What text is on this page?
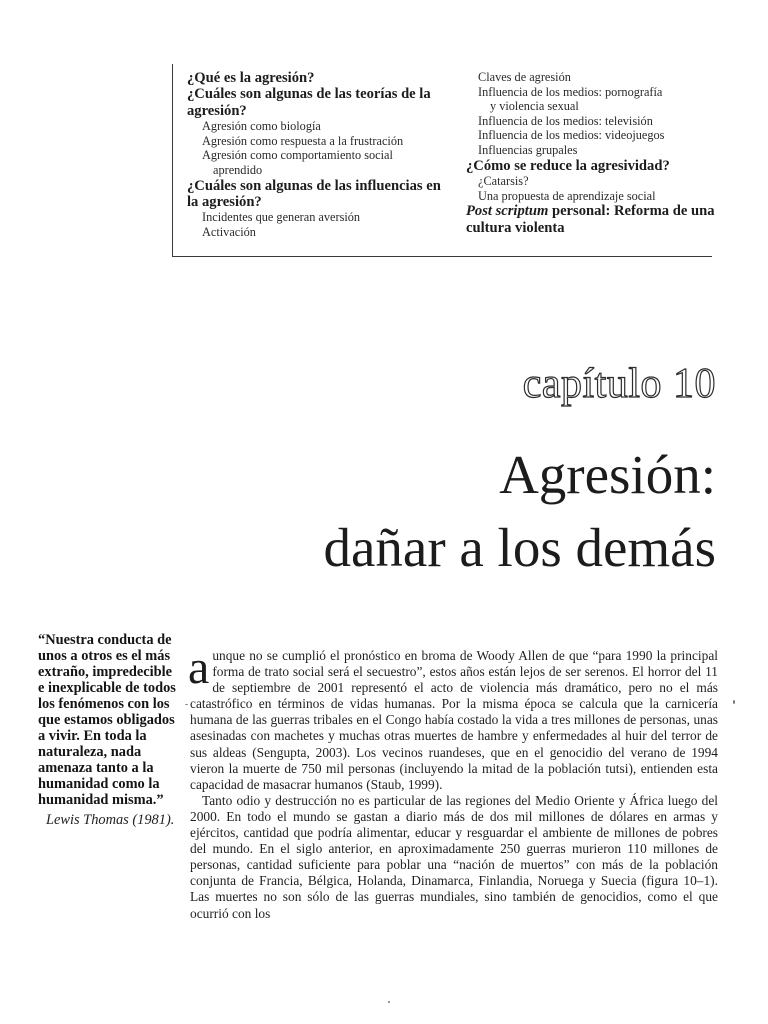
¿Qué es la agresión?
¿Cuáles son algunas de las teorías de la agresión?
Agresión como biología
Agresión como respuesta a la frustración
Agresión como comportamiento social
aprendido
¿Cuáles son algunas de las influencias en la agresión?
Incidentes que generan aversión
Activación
Claves de agresión
Influencia de los medios: pornografía
y violencia sexual
Influencia de los medios: televisión
Influencia de los medios: videojuegos
Influencias grupales
¿Cómo se reduce la agresividad?
¿Catarsis?
Una propuesta de aprendizaje social
Post scriptum personal: Reforma de una cultura violenta
capítulo 10
Agresión:
dañar a los demás
“Nuestra conducta de unos a otros es el más extraño, impredecible e inexplicable de todos los fenómenos con los que estamos obligados a vivir. En toda la naturaleza, nada amenaza tanto a la humanidad como la humanidad misma.”
Lewis Thomas (1981).

aunque no se cumplió el pronóstico en broma de Woody Allen de que “para 1990 la principal forma de trato social será el secuestro”, estos años están lejos de ser serenos. El horror del 11 de septiembre de 2001 representó el acto de violencia más dramático, pero no el más catastrófico en términos de vidas humanas. Por la misma época se calcula que la carnicería humana de las guerras tribales en el Congo había costado la vida a tres millones de personas, unas asesinadas con machetes y muchas otras muertes de hambre y enfermedades al huir del terror de sus aldeas (Sengupta, 2003). Los vecinos ruandeses, que en el genocidio del verano de 1994 vieron la muerte de 750 mil personas (incluyendo la mitad de la población tutsi), entienden esta capacidad de masacrar humanos (Staub, 1999).

Tanto odio y destrucción no es particular de las regiones del Medio Oriente y África luego del 2000. En todo el mundo se gastan a diario más de dos mil millones de dólares en armas y ejércitos, cantidad que podría alimentar, educar y resguardar el ambiente de millones de pobres del mundo. En el siglo anterior, en aproximadamente 250 guerras murieron 110 millones de personas, cantidad suficiente para poblar una “nación de muertos” con más de la población conjunta de Francia, Bélgica, Holanda, Dinamarca, Finlandia, Noruega y Suecia (figura 10–1). Las muertes no son sólo de las guerras mundiales, sino también de genocidios, como el que ocurrió con los
